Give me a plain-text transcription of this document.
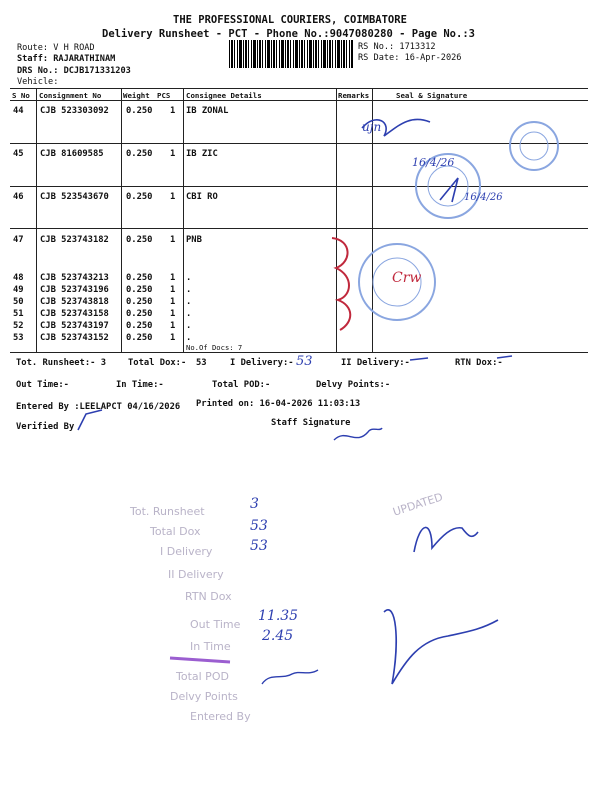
THE PROFESSIONAL COURIERS, COIMBATORE
Delivery Runsheet - PCT - Phone No.:9047080280 - Page No.:3
Route: V H ROAD
Staff: RAJARATHINAM
DRS No.: DCJB171331203
Vehicle:
RS No.: 1713312
RS Date: 16-Apr-2026
S No Consignment No	Weight PCS Consignee Details	Remarks	Seal & Signature
44 CJB 523303092 0.250 1 IB ZONAL
45 CJB 81609585	0.250 1 IB ZIC
46 CJB 523543670 0.250 1 CBI RO
47 CJB 523743182 0.250 1 PNB
48 CJB 523743213 0.250 1 .
49 CJB 523743196 0.250 1 .
50 CJB 523743818 0.250 1 .
51 CJB 523743158 0.250 1 .
52 CJB 523743197 0.250 1 .
53 CJB 523743152 0.250 1 .
No.Of Docs: 7
ujn
16/4/26
16/4/26
Crw
Tot. Runsheet:- 3 Total Dox:- 53	I Delivery:- 53	II Delivery:-	RTN Dox:-
Out Time:-	In Time:-	Total POD:-	Delvy Points:-
Entered By :LEELAPCT 04/16/2026 Printed on: 16-04-2026 11:03:13
Verified By	Staff Signature
Tot. Runsheet
Total Dox
I Delivery
II Delivery
RTN Dox
Out Time
In Time
Total POD
Delvy Points
Entered By
UPDATED
3
53
53
11.35
2.45
